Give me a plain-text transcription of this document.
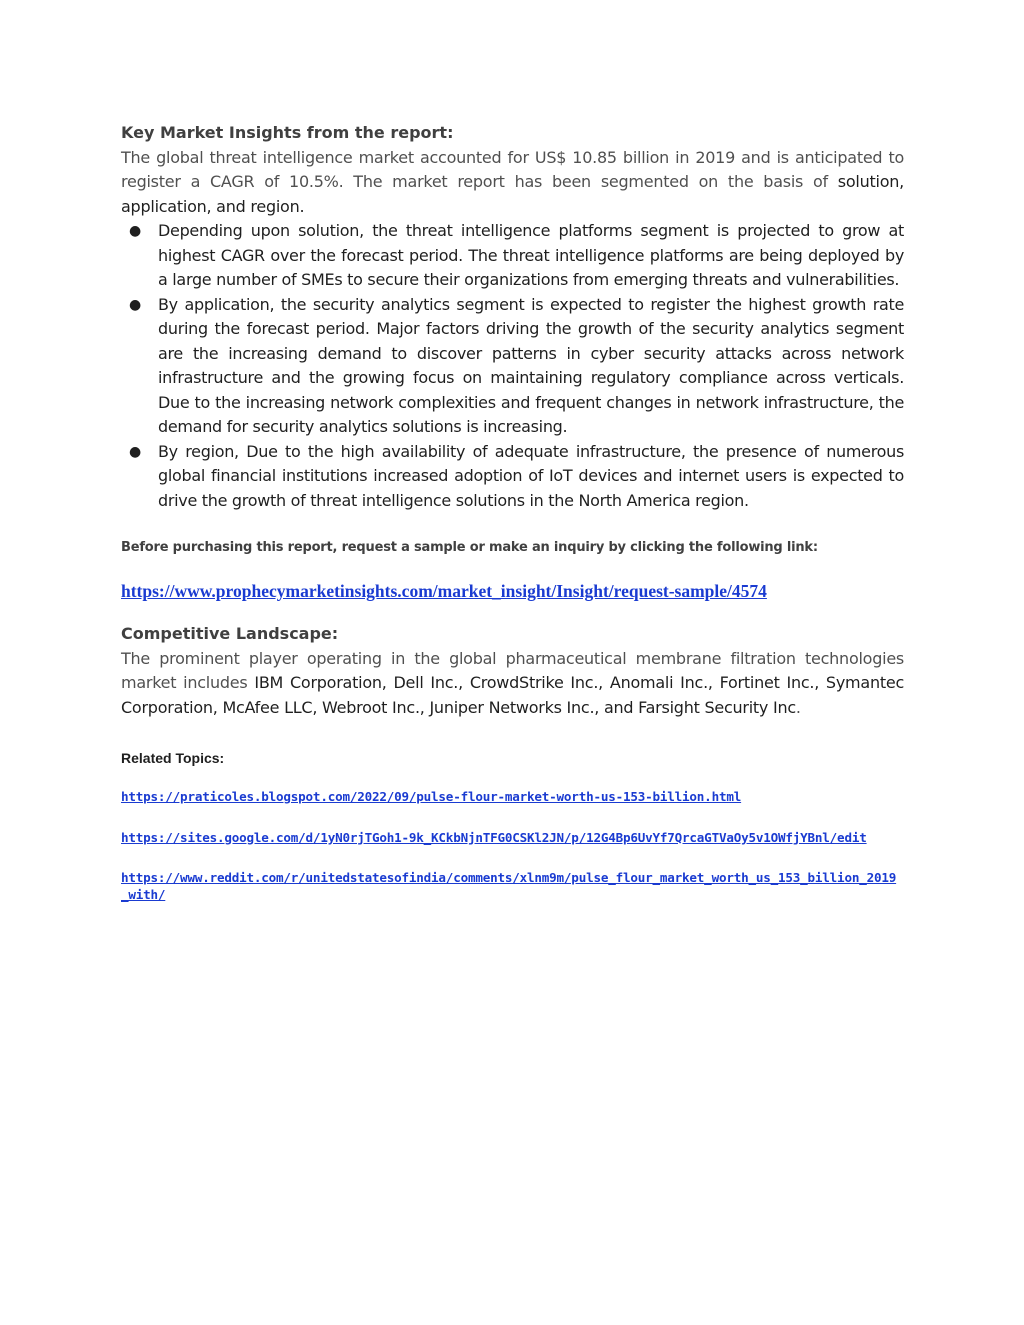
Key Market Insights from the report:

The global threat intelligence market accounted for US$ 10.85 billion in 2019 and is anticipated to register a CAGR of 10.5%. The market report has been segmented on the basis of solution, application, and region.

● Depending upon solution, the threat intelligence platforms segment is projected to grow at highest CAGR over the forecast period. The threat intelligence platforms are being deployed by a large number of SMEs to secure their organizations from emerging threats and vulnerabilities.
● By application, the security analytics segment is expected to register the highest growth rate during the forecast period. Major factors driving the growth of the security analytics segment are the increasing demand to discover patterns in cyber security attacks across network infrastructure and the growing focus on maintaining regulatory compliance across verticals. Due to the increasing network complexities and frequent changes in network infrastructure, the demand for security analytics solutions is increasing.
● By region, Due to the high availability of adequate infrastructure, the presence of numerous global financial institutions increased adoption of IoT devices and internet users is expected to drive the growth of threat intelligence solutions in the North America region.

Before purchasing this report, request a sample or make an inquiry by clicking the following link:

https://www.prophecymarketinsights.com/market_insight/Insight/request-sample/4574

Competitive Landscape:

The prominent player operating in the global pharmaceutical membrane filtration technologies market includes IBM Corporation, Dell Inc., CrowdStrike Inc., Anomali Inc., Fortinet Inc., Symantec Corporation, McAfee LLC, Webroot Inc., Juniper Networks Inc., and Farsight Security Inc.

Related Topics:

https://praticoles.blogspot.com/2022/09/pulse-flour-market-worth-us-153-billion.html
https://sites.google.com/d/1yN0rjTGoh1-9k_KCkbNjnTFG0CSKl2JN/p/12G4Bp6UvYf7QrcaGTVaOy5v1OWfjYBnl/edit
https://www.reddit.com/r/unitedstatesofindia/comments/xlnm9m/pulse_flour_market_worth_us_153_billion_2019_with/
